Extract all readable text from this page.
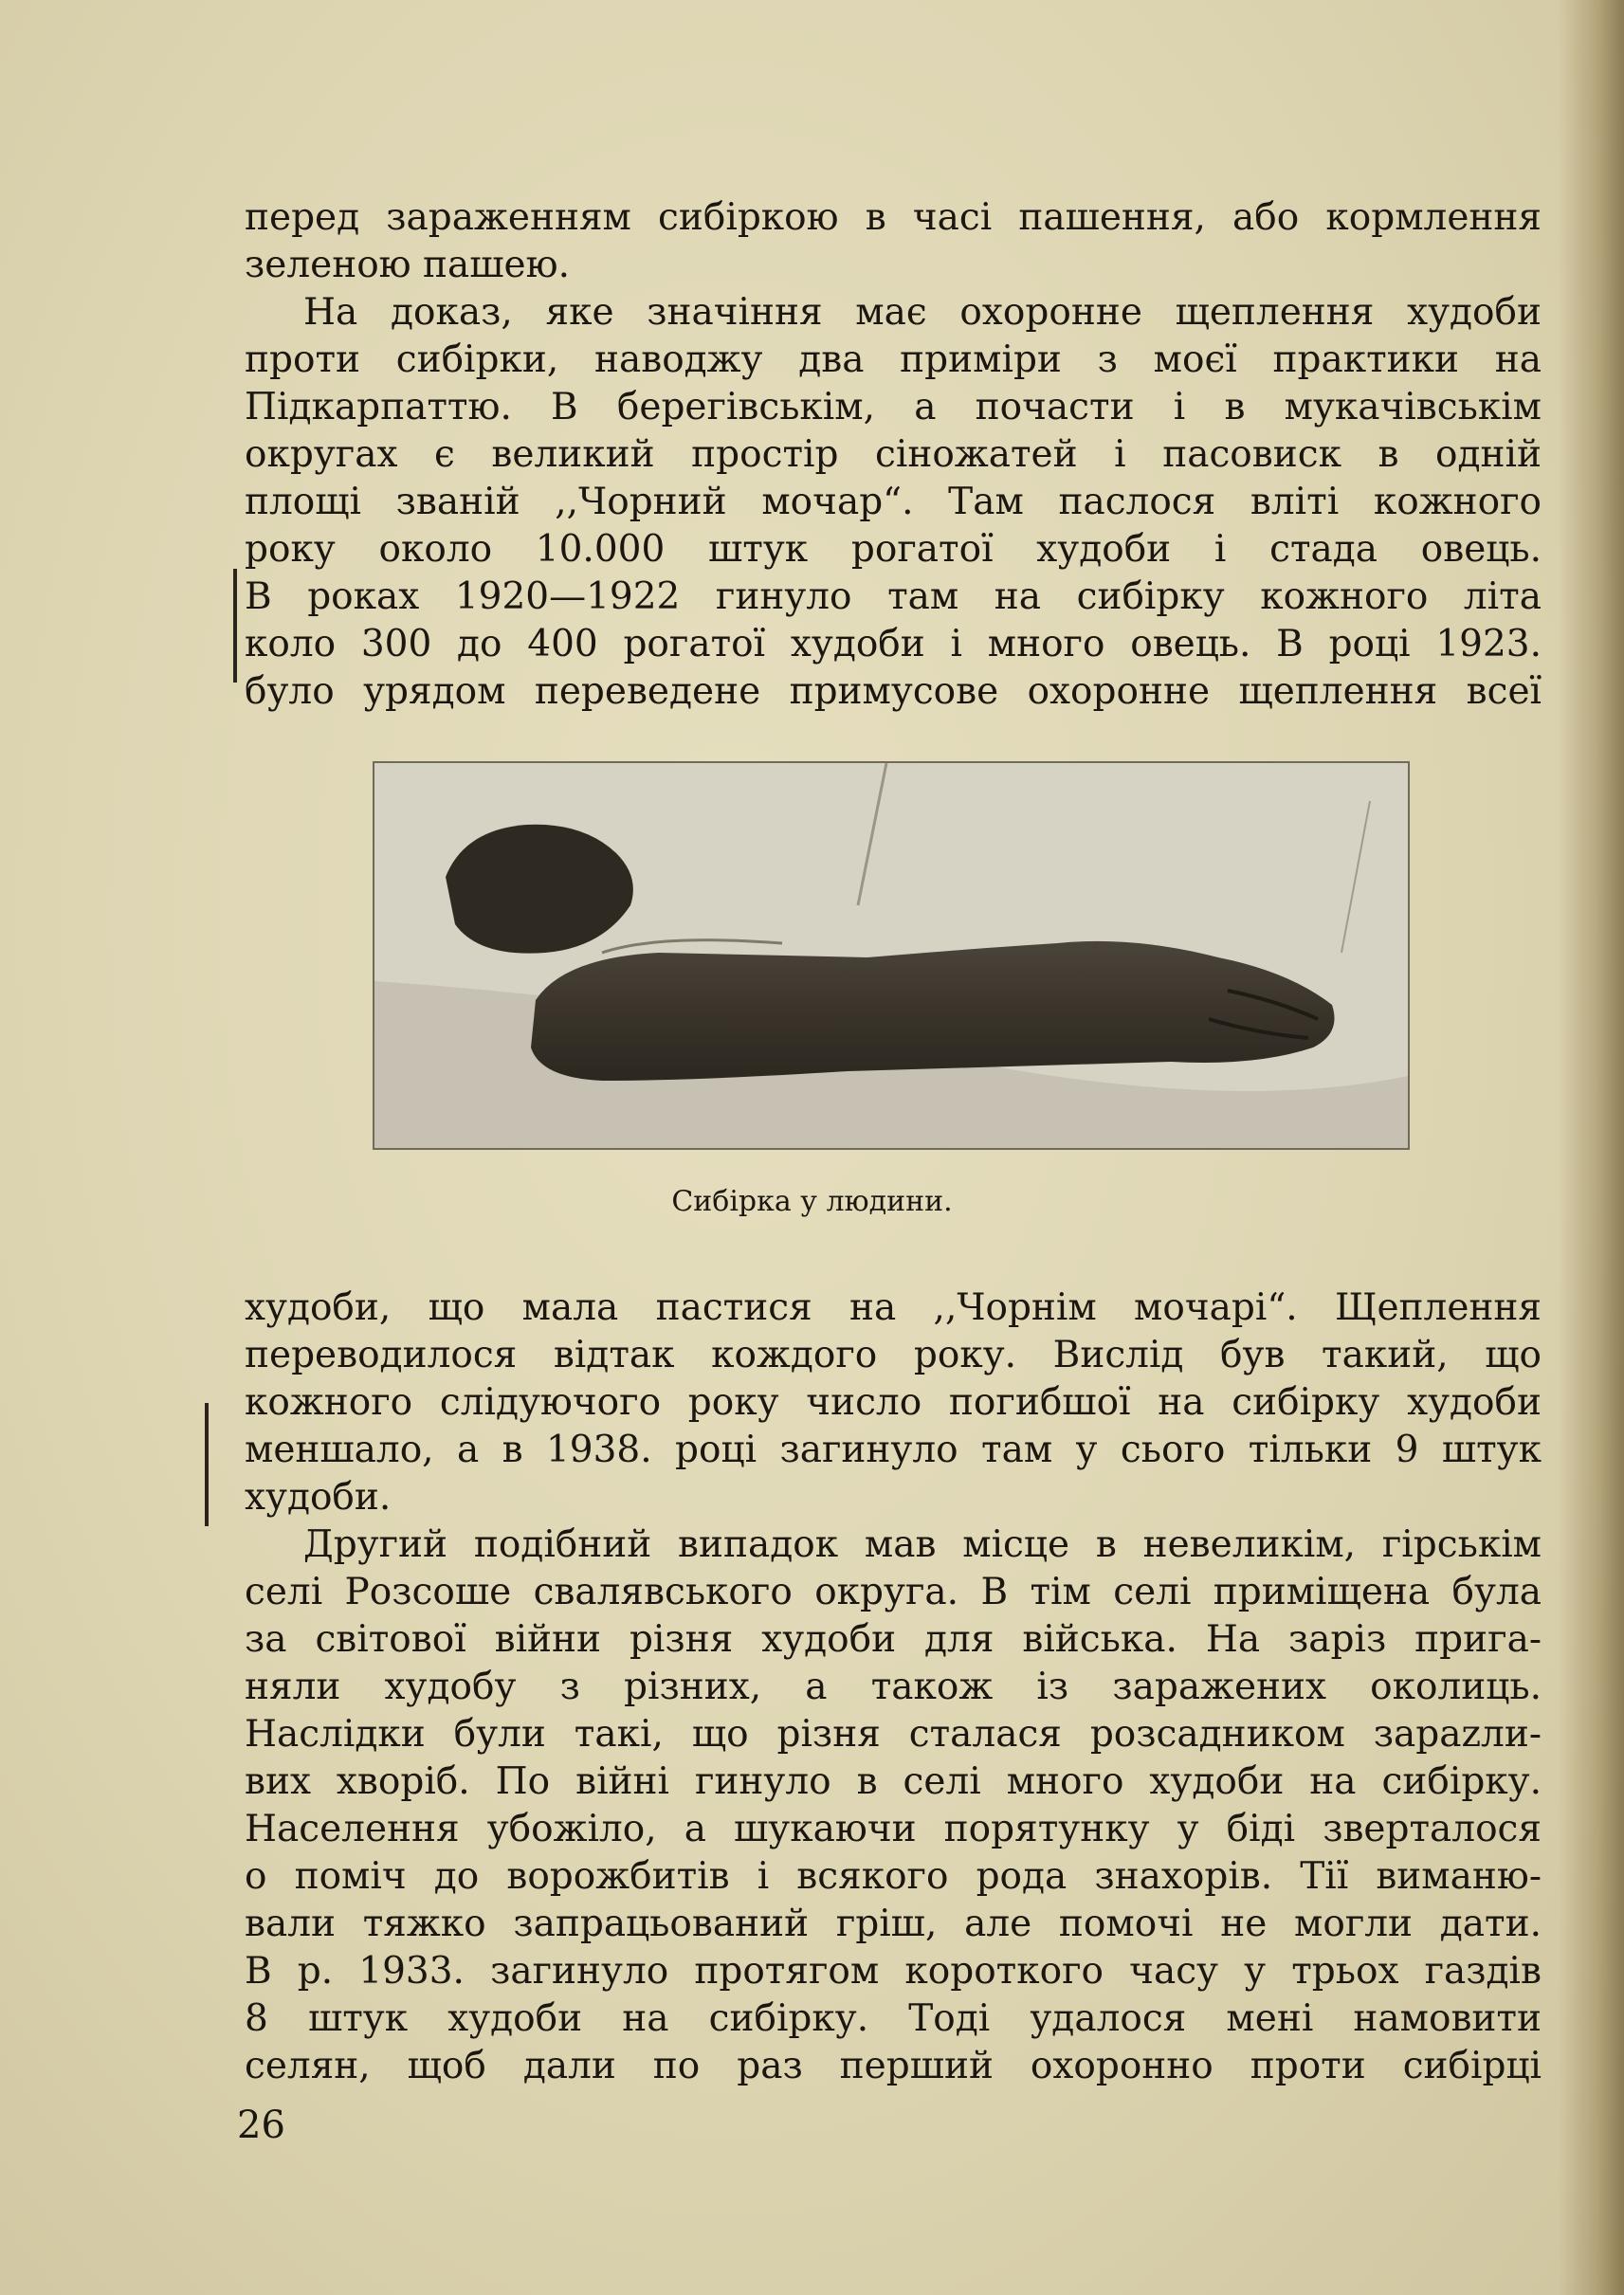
перед зараженням сибіркою в часі пашення, або кормлення
зеленою пашею.
На доказ, яке значіння має охоронне щеплення худоби
проти сибірки, наводжу два приміри з моєї практики на
Підкарпаттю. В берегівськім, а почасти і в мукачівськім
округах є великий простір сіножатей і пасовиск в одній
площі званій ,,Чорний мочар“. Там паслося влітi кожного
року около 10.000 штук рогатої худоби і стада овець.
В роках 1920—1922 гинуло там на сибірку кожного літа
коло 300 до 400 рогатої худоби і много овець. В році 1923.
було урядом переведене примусове охоронне щеплення всеї
Сибірка у людини.
худоби, що мала пастися на ,,Чорнім мочарі“. Щеплення
переводилося відтак кождого року. Вислід був такий, що
кожного слідуючого року число погибшої на сибірку худоби
меншало, а в 1938. році загинуло там у сього тільки 9 штук
худоби.
Другий подібний випадок мав місце в невеликім, гірськім
селі Розсоше свалявського округа. В тім селі приміщена була
за світової війни різня худоби для війська. На заріз прига-
няли худобу з різних, а також із заражених околиць.
Наслідки були такі, що різня сталася розсадником зарazли-
вих хворіб. По війні гинуло в селі много худоби на сибірку.
Населення убожіло, а шукаючи порятунку у біді зверталося
о поміч до ворожбитів і всякого рода знахорів. Тії виманю-
вали тяжко запрацьований гріш, але помочі не могли дати.
В р. 1933. загинуло протягом короткого часу у трьох газдів
8 штук худоби на сибірку. Тоді удалося мені намовити
селян, щоб дали по раз перший охоронно проти сибірці
26
